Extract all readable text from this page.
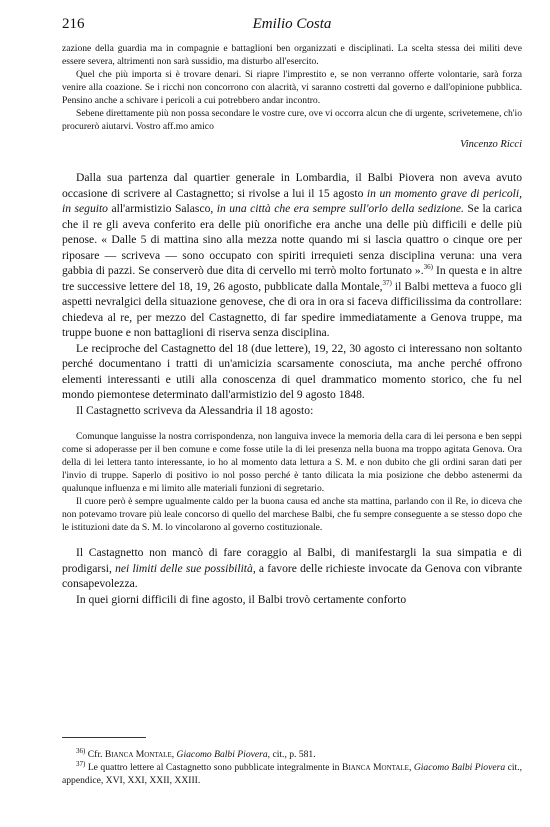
216	Emilio Costa

zazione della guardia ma in compagnie e battaglioni ben organizzati e disciplinati. La scelta stessa dei militi deve essere severa, altrimenti non sarà sussidio, ma disturbo all'esercito.

Quel che più importa si è trovare denari. Si riapre l'imprestito e, se non verranno offerte volontarie, sarà forza venire alla coazione. Se i ricchi non concorrono con alacrità, vi saranno costretti dal governo e dall'opinione pubblica. Pensino anche a schivare i pericoli a cui potrebbero andar incontro.

Sebene direttamente più non possa secondare le vostre cure, ove vi occorra alcun che di urgente, scrivetemene, ch'io procurerò aiutarvi. Vostro aff.mo amico

Vincenzo Ricci

Dalla sua partenza dal quartier generale in Lombardia, il Balbi Piovera non aveva avuto occasione di scrivere al Castagnetto; si rivolse a lui il 15 agosto in un momento grave di pericoli, in seguito all'armistizio Salasco, in una città che era sempre sull'orlo della sedizione. Se la carica che il re gli aveva conferito era delle più onorifiche era anche una delle più difficili e delle più penose. « Dalle 5 di mattina sino alla mezza notte quando mi si lascia quattro o cinque ore per riposare — scriveva — sono occupato con spiriti irrequieti senza disciplina veruna: una vera gabbia di pazzi. Se conserverò due dita di cervello mi terrò molto fortunato ».$^{36)}$ In questa e in altre tre successive lettere del 18, 19, 26 agosto, pubblicate dalla Montale,$^{37)}$ il Balbi metteva a fuoco gli aspetti nevralgici della situazione genovese, che di ora in ora si faceva difficilissima da controllare: chiedeva al re, per mezzo del Castagnetto, di far spedire immediatamente a Genova truppe, ma truppe buone e non battaglioni di riserva senza disciplina.

Le reciproche del Castagnetto del 18 (due lettere), 19, 22, 30 agosto ci interessano non soltanto perché documentano i tratti di un'amicizia scarsamente conosciuta, ma anche perché offrono elementi interessanti e utili alla conoscenza di quel drammatico momento storico, che fu nel mondo piemontese determinato dall'armistizio del 9 agosto 1848.

Il Castagnetto scriveva da Alessandria il 18 agosto:

Comunque languisse la nostra corrispondenza, non languiva invece la memoria della cara di lei persona e ben seppi come si adoperasse per il ben comune e come fosse utile la di lei presenza nella buona ma troppo agitata Genova. Ora della di lei lettera tanto interessante, io ho al momento data lettura a S. M. e non dubito che gli ordini saran dati per l'invio di truppe. Saperlo di positivo io nol posso perché è tanto dilicata la mia posizione che debbo astenermi da qualunque influenza e mi limito alle materiali funzioni di segretario.

Il cuore però è sempre ugualmente caldo per la buona causa ed anche sta mattina, parlando con il Re, io diceva che non potevamo trovare più leale concorso di quello del marchese Balbi, che fu sempre conseguente a se stesso dopo che le istituzioni date da S. M. lo vincolarono al governo costituzionale.

Il Castagnetto non mancò di fare coraggio al Balbi, di manifestargli la sua simpatia e di prodigarsi, nei limiti delle sue possibilità, a favore delle richieste invocate da Genova con vibrante consapevolezza.

In quei giorni difficili di fine agosto, il Balbi trovò certamente conforto

$^{36)}$ Cfr. Bianca Montale, Giacomo Balbi Piovera, cit., p. 581.

$^{37)}$ Le quattro lettere al Castagnetto sono pubblicate integralmente in Bianca Montale, Giacomo Balbi Piovera cit., appendice, XVI, XXI, XXII, XXIII.
